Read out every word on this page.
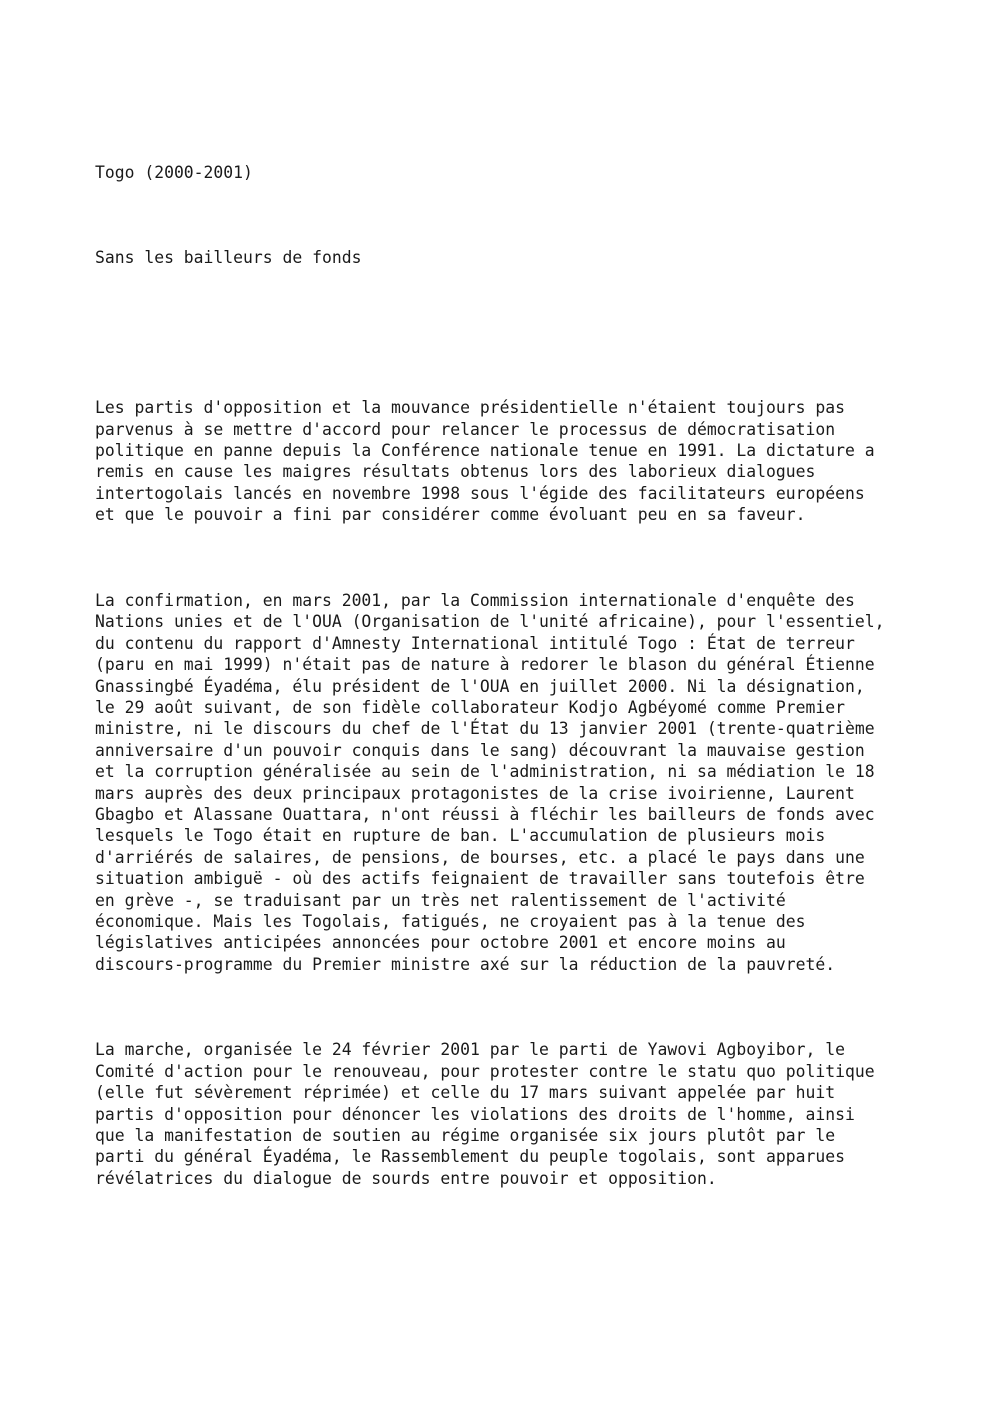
Togo (2000-2001)

Sans les bailleurs de fonds

Les partis d'opposition et la mouvance présidentielle n'étaient toujours pas
parvenus à se mettre d'accord pour relancer le processus de démocratisation
politique en panne depuis la Conférence nationale tenue en 1991. La dictature a
remis en cause les maigres résultats obtenus lors des laborieux dialogues
intertogolais lancés en novembre 1998 sous l'égide des facilitateurs européens
et que le pouvoir a fini par considérer comme évoluant peu en sa faveur.

La confirmation, en mars 2001, par la Commission internationale d'enquête des
Nations unies et de l'OUA (Organisation de l'unité africaine), pour l'essentiel,
du contenu du rapport d'Amnesty International intitulé Togo : État de terreur
(paru en mai 1999) n'était pas de nature à redorer le blason du général Étienne
Gnassingbé Éyadéma, élu président de l'OUA en juillet 2000. Ni la désignation,
le 29 août suivant, de son fidèle collaborateur Kodjo Agbéyomé comme Premier
ministre, ni le discours du chef de l'État du 13 janvier 2001 (trente-quatrième
anniversaire d'un pouvoir conquis dans le sang) découvrant la mauvaise gestion
et la corruption généralisée au sein de l'administration, ni sa médiation le 18
mars auprès des deux principaux protagonistes de la crise ivoirienne, Laurent
Gbagbo et Alassane Ouattara, n'ont réussi à fléchir les bailleurs de fonds avec
lesquels le Togo était en rupture de ban. L'accumulation de plusieurs mois
d'arriérés de salaires, de pensions, de bourses, etc. a placé le pays dans une
situation ambiguë - où des actifs feignaient de travailler sans toutefois être
en grève -, se traduisant par un très net ralentissement de l'activité
économique. Mais les Togolais, fatigués, ne croyaient pas à la tenue des
législatives anticipées annoncées pour octobre 2001 et encore moins au
discours-programme du Premier ministre axé sur la réduction de la pauvreté.

La marche, organisée le 24 février 2001 par le parti de Yawovi Agboyibor, le
Comité d'action pour le renouveau, pour protester contre le statu quo politique
(elle fut sévèrement réprimée) et celle du 17 mars suivant appelée par huit
partis d'opposition pour dénoncer les violations des droits de l'homme, ainsi
que la manifestation de soutien au régime organisée six jours plutôt par le
parti du général Éyadéma, le Rassemblement du peuple togolais, sont apparues
révélatrices du dialogue de sourds entre pouvoir et opposition.
